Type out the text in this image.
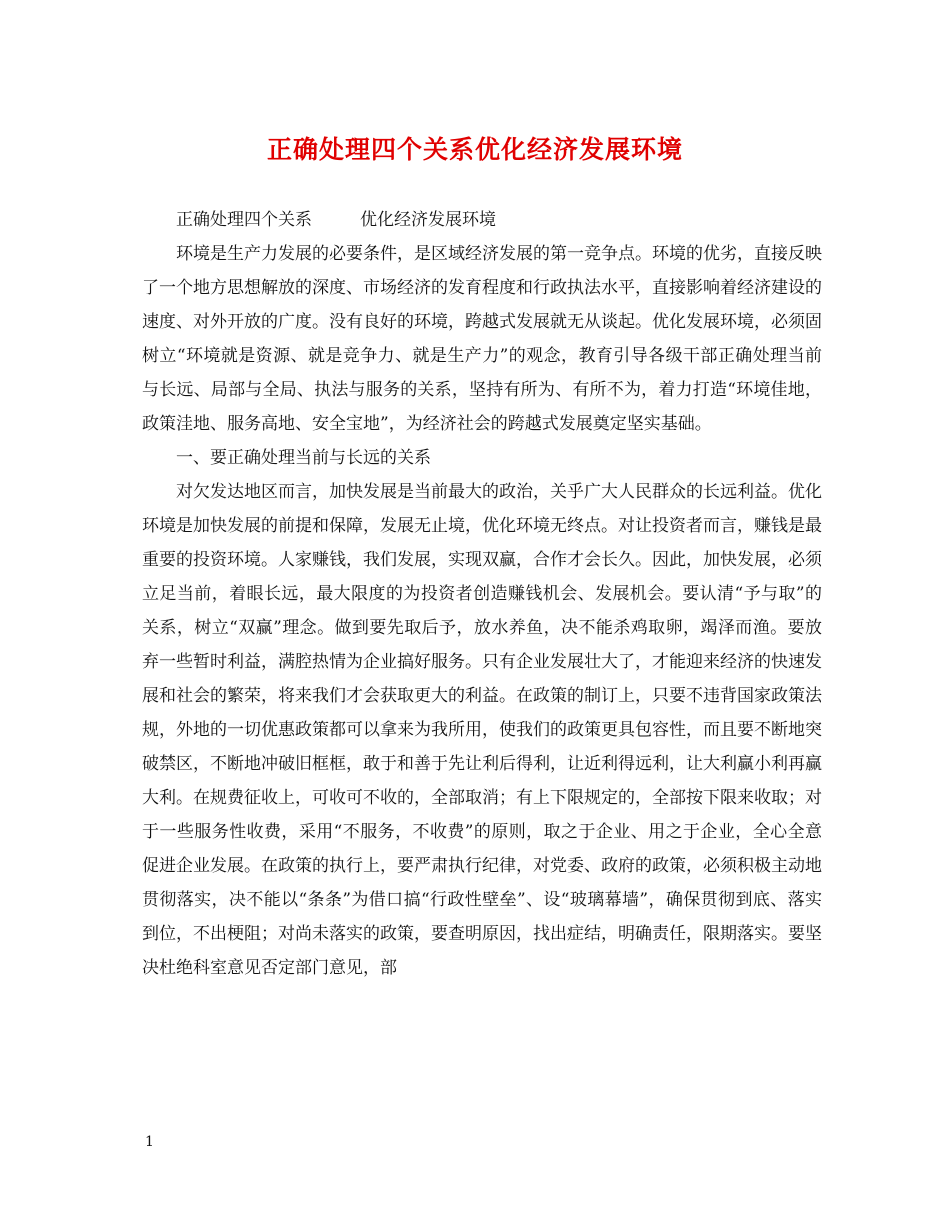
正确处理四个关系优化经济发展环境

正确处理四个关系	优化经济发展环境

环境是生产力发展的必要条件，是区域经济发展的第一竞争点。环境的优劣，直接反映了一个地方思想解放的深度、市场经济的发育程度和行政执法水平，直接影响着经济建设的速度、对外开放的广度。没有良好的环境，跨越式发展就无从谈起。优化发展环境，必须固树立“环境就是资源、就是竞争力、就是生产力”的观念，教育引导各级干部正确处理当前与长远、局部与全局、执法与服务的关系，坚持有所为、有所不为，着力打造“环境佳地，政策洼地、服务高地、安全宝地”，为经济社会的跨越式发展奠定坚实基础。

一、要正确处理当前与长远的关系

对欠发达地区而言，加快发展是当前最大的政治，关乎广大人民群众的长远利益。优化环境是加快发展的前提和保障，发展无止境，优化环境无终点。对让投资者而言，赚钱是最重要的投资环境。人家赚钱，我们发展，实现双赢，合作才会长久。因此，加快发展，必须立足当前，着眼长远，最大限度的为投资者创造赚钱机会、发展机会。要认清“予与取”的关系，树立“双赢”理念。做到要先取后予，放水养鱼，决不能杀鸡取卵，竭泽而渔。要放弃一些暂时利益，满腔热情为企业搞好服务。只有企业发展壮大了，才能迎来经济的快速发展和社会的繁荣，将来我们才会获取更大的利益。在政策的制订上，只要不违背国家政策法规，外地的一切优惠政策都可以拿来为我所用，使我们的政策更具包容性，而且要不断地突破禁区，不断地冲破旧框框，敢于和善于先让利后得利，让近利得远利，让大利赢小利再赢大利。在规费征收上，可收可不收的，全部取消；有上下限规定的，全部按下限来收取；对于一些服务性收费，采用“不服务，不收费”的原则，取之于企业、用之于企业，全心全意促进企业发展。在政策的执行上，要严肃执行纪律，对党委、政府的政策，必须积极主动地贯彻落实，决不能以“条条”为借口搞“行政性壁垒”、设“玻璃幕墙”，确保贯彻到底、落实到位，不出梗阻；对尚未落实的政策，要查明原因，找出症结，明确责任，限期落实。要坚决杜绝科室意见否定部门意见，部

1
